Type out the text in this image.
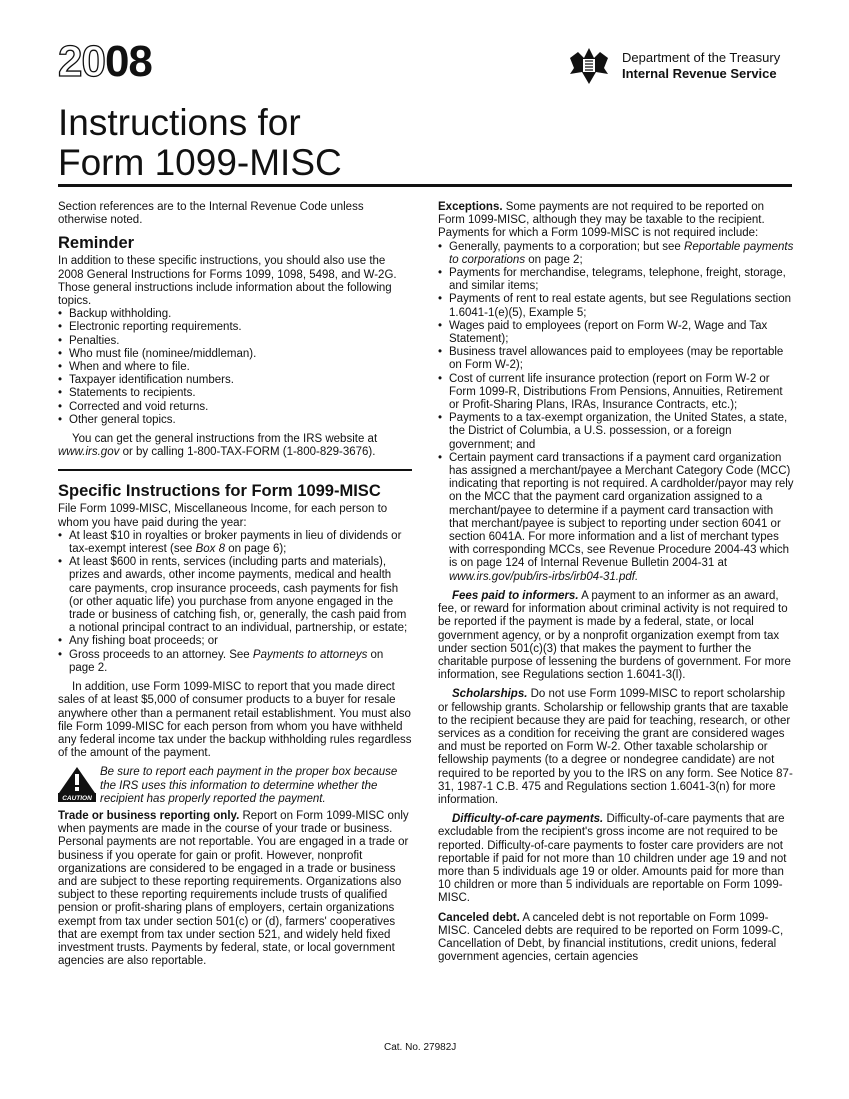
2008	Department of the Treasury
Internal Revenue Service
Instructions for
Form 1099-MISC

Section references are to the Internal Revenue Code unless otherwise noted.

Reminder

In addition to these specific instructions, you should also use the 2008 General Instructions for Forms 1099, 1098, 5498, and W-2G. Those general instructions include information about the following topics.

• Backup withholding.
• Electronic reporting requirements.
• Penalties.
• Who must file (nominee/middleman).
• When and where to file.
• Taxpayer identification numbers.
• Statements to recipients.
• Corrected and void returns.
• Other general topics.

You can get the general instructions from the IRS website at www.irs.gov or by calling 1-800-TAX-FORM (1-800-829-3676).

Specific Instructions for Form 1099-MISC

File Form 1099-MISC, Miscellaneous Income, for each person to whom you have paid during the year:

• At least $10 in royalties or broker payments in lieu of dividends or tax-exempt interest (see Box 8 on page 6);
• At least $600 in rents, services (including parts and materials), prizes and awards, other income payments, medical and health care payments, crop insurance proceeds, cash payments for fish (or other aquatic life) you purchase from anyone engaged in the trade or business of catching fish, or, generally, the cash paid from a notional principal contract to an individual, partnership, or estate;
• Any fishing boat proceeds; or
• Gross proceeds to an attorney. See Payments to attorneys on page 2.

In addition, use Form 1099-MISC to report that you made direct sales of at least $5,000 of consumer products to a buyer for resale anywhere other than a permanent retail establishment. You must also file Form 1099-MISC for each person from whom you have withheld any federal income tax under the backup withholding rules regardless of the amount of the payment.

CAUTION

Be sure to report each payment in the proper box because the IRS uses this information to determine whether the recipient has properly reported the payment.

Trade or business reporting only. Report on Form 1099-MISC only when payments are made in the course of your trade or business. Personal payments are not reportable. You are engaged in a trade or business if you operate for gain or profit. However, nonprofit organizations are considered to be engaged in a trade or business and are subject to these reporting requirements. Organizations also subject to these reporting requirements include trusts of qualified pension or profit-sharing plans of employers, certain organizations exempt from tax under section 501(c) or (d), farmers' cooperatives that are exempt from tax under section 521, and widely held fixed investment trusts. Payments by federal, state, or local government agencies are also reportable.

Exceptions. Some payments are not required to be reported on Form 1099-MISC, although they may be taxable to the recipient. Payments for which a Form 1099-MISC is not required include:

• Generally, payments to a corporation; but see Reportable payments to corporations on page 2;
• Payments for merchandise, telegrams, telephone, freight, storage, and similar items;
• Payments of rent to real estate agents, but see Regulations section 1.6041-1(e)(5), Example 5;
• Wages paid to employees (report on Form W-2, Wage and Tax Statement);
• Business travel allowances paid to employees (may be reportable on Form W-2);
• Cost of current life insurance protection (report on Form W-2 or Form 1099-R, Distributions From Pensions, Annuities, Retirement or Profit-Sharing Plans, IRAs, Insurance Contracts, etc.);
• Payments to a tax-exempt organization, the United States, a state, the District of Columbia, a U.S. possession, or a foreign government; and
• Certain payment card transactions if a payment card organization has assigned a merchant/payee a Merchant Category Code (MCC) indicating that reporting is not required. A cardholder/payor may rely on the MCC that the payment card organization assigned to a merchant/payee to determine if a payment card transaction with that merchant/payee is subject to reporting under section 6041 or section 6041A. For more information and a list of merchant types with corresponding MCCs, see Revenue Procedure 2004-43 which is on page 124 of Internal Revenue Bulletin 2004-31 at www.irs.gov/pub/irs-irbs/irb04-31.pdf.

Fees paid to informers. A payment to an informer as an award, fee, or reward for information about criminal activity is not required to be reported if the payment is made by a federal, state, or local government agency, or by a nonprofit organization exempt from tax under section 501(c)(3) that makes the payment to further the charitable purpose of lessening the burdens of government. For more information, see Regulations section 1.6041-3(l).

Scholarships. Do not use Form 1099-MISC to report scholarship or fellowship grants. Scholarship or fellowship grants that are taxable to the recipient because they are paid for teaching, research, or other services as a condition for receiving the grant are considered wages and must be reported on Form W-2. Other taxable scholarship or fellowship payments (to a degree or nondegree candidate) are not required to be reported by you to the IRS on any form. See Notice 87-31, 1987-1 C.B. 475 and Regulations section 1.6041-3(n) for more information.

Difficulty-of-care payments. Difficulty-of-care payments that are excludable from the recipient's gross income are not required to be reported. Difficulty-of-care payments to foster care providers are not reportable if paid for not more than 10 children under age 19 and not more than 5 individuals age 19 or older. Amounts paid for more than 10 children or more than 5 individuals are reportable on Form 1099-MISC.

Canceled debt. A canceled debt is not reportable on Form 1099-MISC. Canceled debts are required to be reported on Form 1099-C, Cancellation of Debt, by financial institutions, credit unions, federal government agencies, certain agencies

Cat. No. 27982J
